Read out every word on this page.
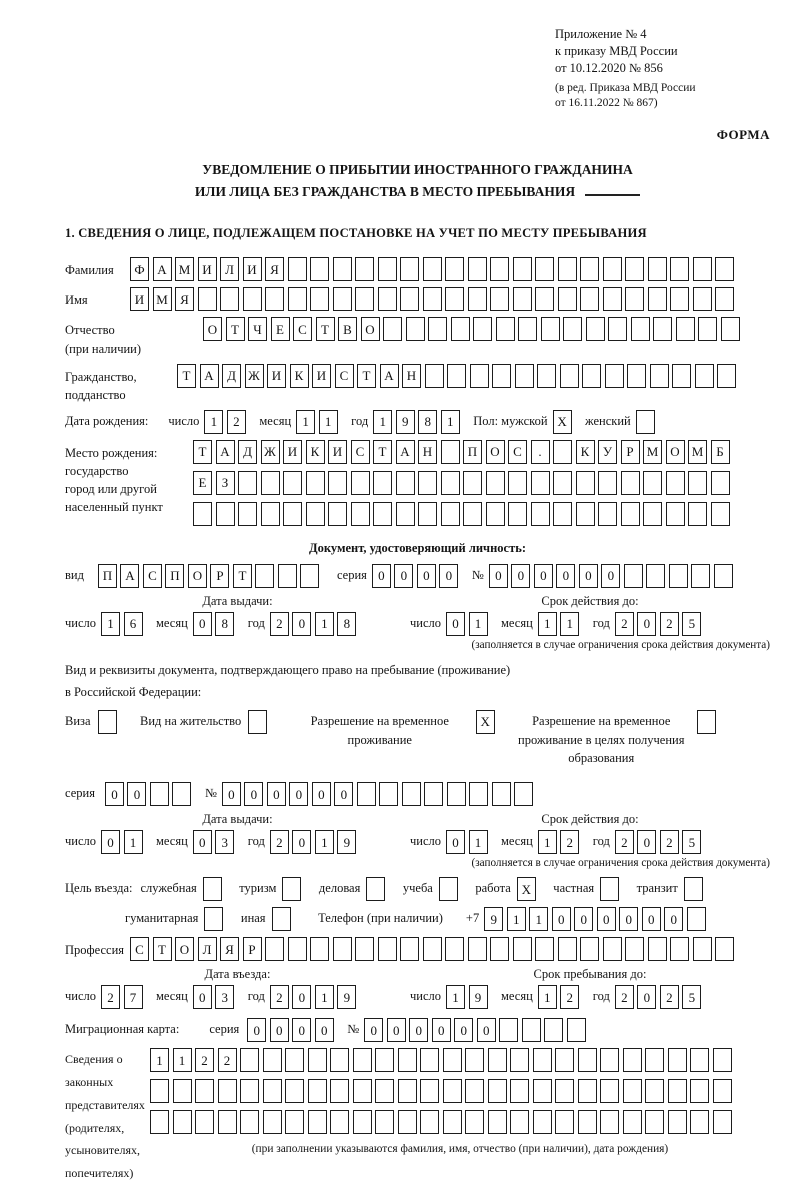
Приложение № 4
к приказу МВД России
от 10.12.2020 № 856
(в ред. Приказа МВД России
от 16.11.2022 № 867)
ФОРМА
УВЕДОМЛЕНИЕ О ПРИБЫТИИ ИНОСТРАННОГО ГРАЖДАНИНА
ИЛИ ЛИЦА БЕЗ ГРАЖДАНСТВА В МЕСТО ПРЕБЫВАНИЯ
1. СВЕДЕНИЯ О ЛИЦЕ, ПОДЛЕЖАЩЕМ ПОСТАНОВКЕ НА УЧЕТ ПО МЕСТУ ПРЕБЫВАНИЯ
Фамилия	Ф А М И	Л	И	Я
Имя	И М Я
Отчество
(при наличии)
О	Т	Ч	Е	С	Т	В	О
Гражданство,
подданство
Т	А	Д Ж И	К	И	С	Т	А	Н
Дата рождения: число 1	2	месяц 1	1	год 1	9	8	1	Пол: мужской X	женский
Место рождения:
государство
город или другой
населенный пункт
Т	А	Д Ж И	К	И	С	Т	А	Н	П	О	С	.	К	У	Р	М О М Б

Е	З

Документ, удостоверяющий личность:
вид	П	А	С	П	О	Р	Т	серия 0	0	0	0	№ 0	0	0	0	0	0
Дата выдачи:
число 1	6	месяц 0	8	год 2	0	1	8
Срок действия до:
число 0	1	месяц 1	1	год 2	0	2	5
(заполняется в случае ограничения срока действия документа)
Вид и реквизиты документа, подтверждающего право на пребывание (проживание)
в Российской Федерации:
Виза	Вид на жительство	Разрешение на временное проживание
X	Разрешение на временное проживание в целях получения образования
серия	0	0	№ 0	0	0	0	0	0
Дата выдачи:
число 0	1	месяц 0	3	год 2	0	1	9
Срок действия до:
число 0	1	месяц 1	2	год 2	0	2	5
(заполняется в случае ограничения срока действия документа)
Цель въезда: служебная	туризм	деловая	учеба	работа X	частная	транзит
гуманитарная	иная	Телефон (при наличии) +7 9	1	1	0	0	0	0	0	0
Профессия С	Т	О	Л	Я	Р
Дата въезда:
число 2	7	месяц 0	3	год 2	0	1	9
Срок пребывания до:
число 1	9	месяц 1	2	год 2	0	2	5
Миграционная карта: серия	0	0	0	0	№ 0	0	0	0	0	0
Сведения о
законных
представителях
(родителях,
усыновителях,
попечителях)
1	1	2	2

(при заполнении указываются фамилия, имя, отчество (при наличии), дата рождения)
